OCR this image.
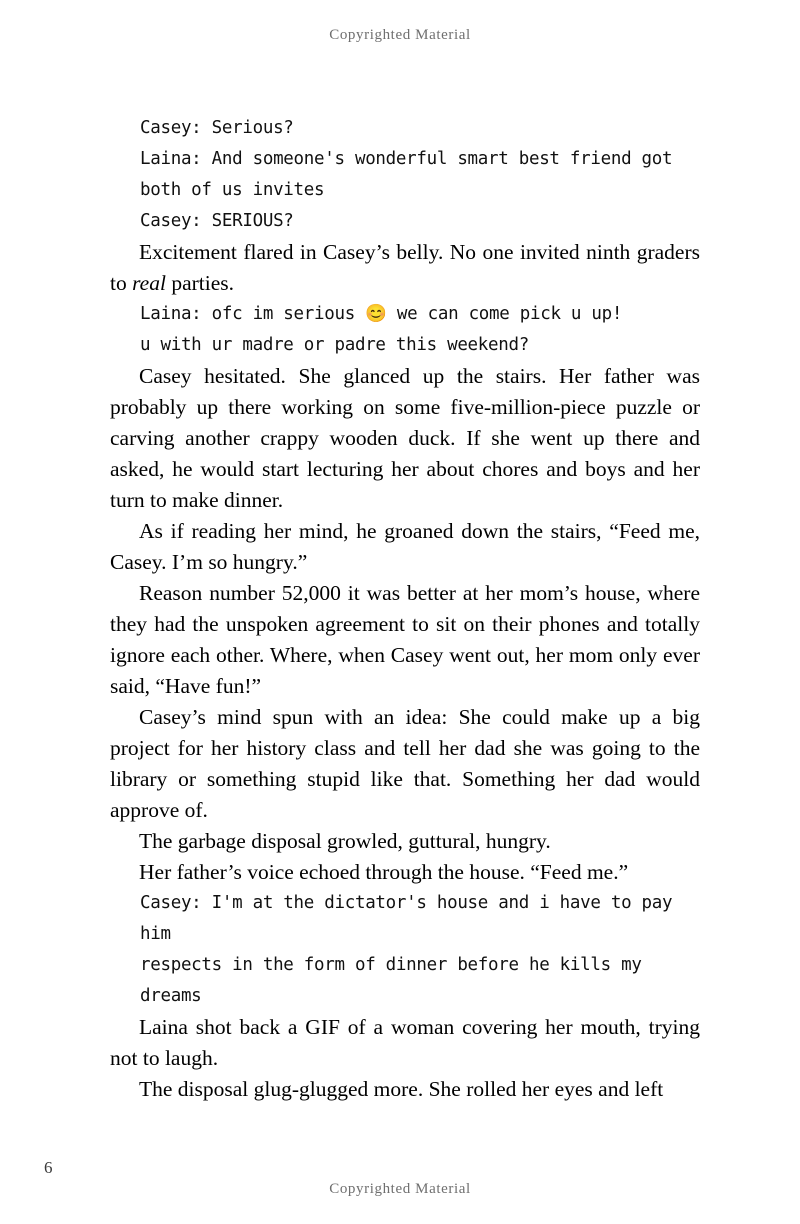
Copyrighted Material

Casey: Serious?

Laina: And someone's wonderful smart best friend got

both of us invites

Casey: SERIOUS?

Excitement flared in Casey’s belly. No one invited ninth graders to real parties.

Laina: ofc im serious 😊 we can come pick u up!

u with ur madre or padre this weekend?

Casey hesitated. She glanced up the stairs. Her father was probably up there working on some five-million-piece puzzle or carving another crappy wooden duck. If she went up there and asked, he would start lecturing her about chores and boys and her turn to make dinner.

As if reading her mind, he groaned down the stairs, “Feed me, Casey. I’m so hungry.”

Reason number 52,000 it was better at her mom’s house, where they had the unspoken agreement to sit on their phones and totally ignore each other. Where, when Casey went out, her mom only ever said, “Have fun!”

Casey’s mind spun with an idea: She could make up a big project for her history class and tell her dad she was going to the library or something stupid like that. Something her dad would approve of.

The garbage disposal growled, guttural, hungry.

Her father’s voice echoed through the house. “Feed me.”

Casey: I'm at the dictator's house and i have to pay him

respects in the form of dinner before he kills my dreams

Laina shot back a GIF of a woman covering her mouth, trying not to laugh.

The disposal glug-glugged more. She rolled her eyes and left

6
Copyrighted Material
